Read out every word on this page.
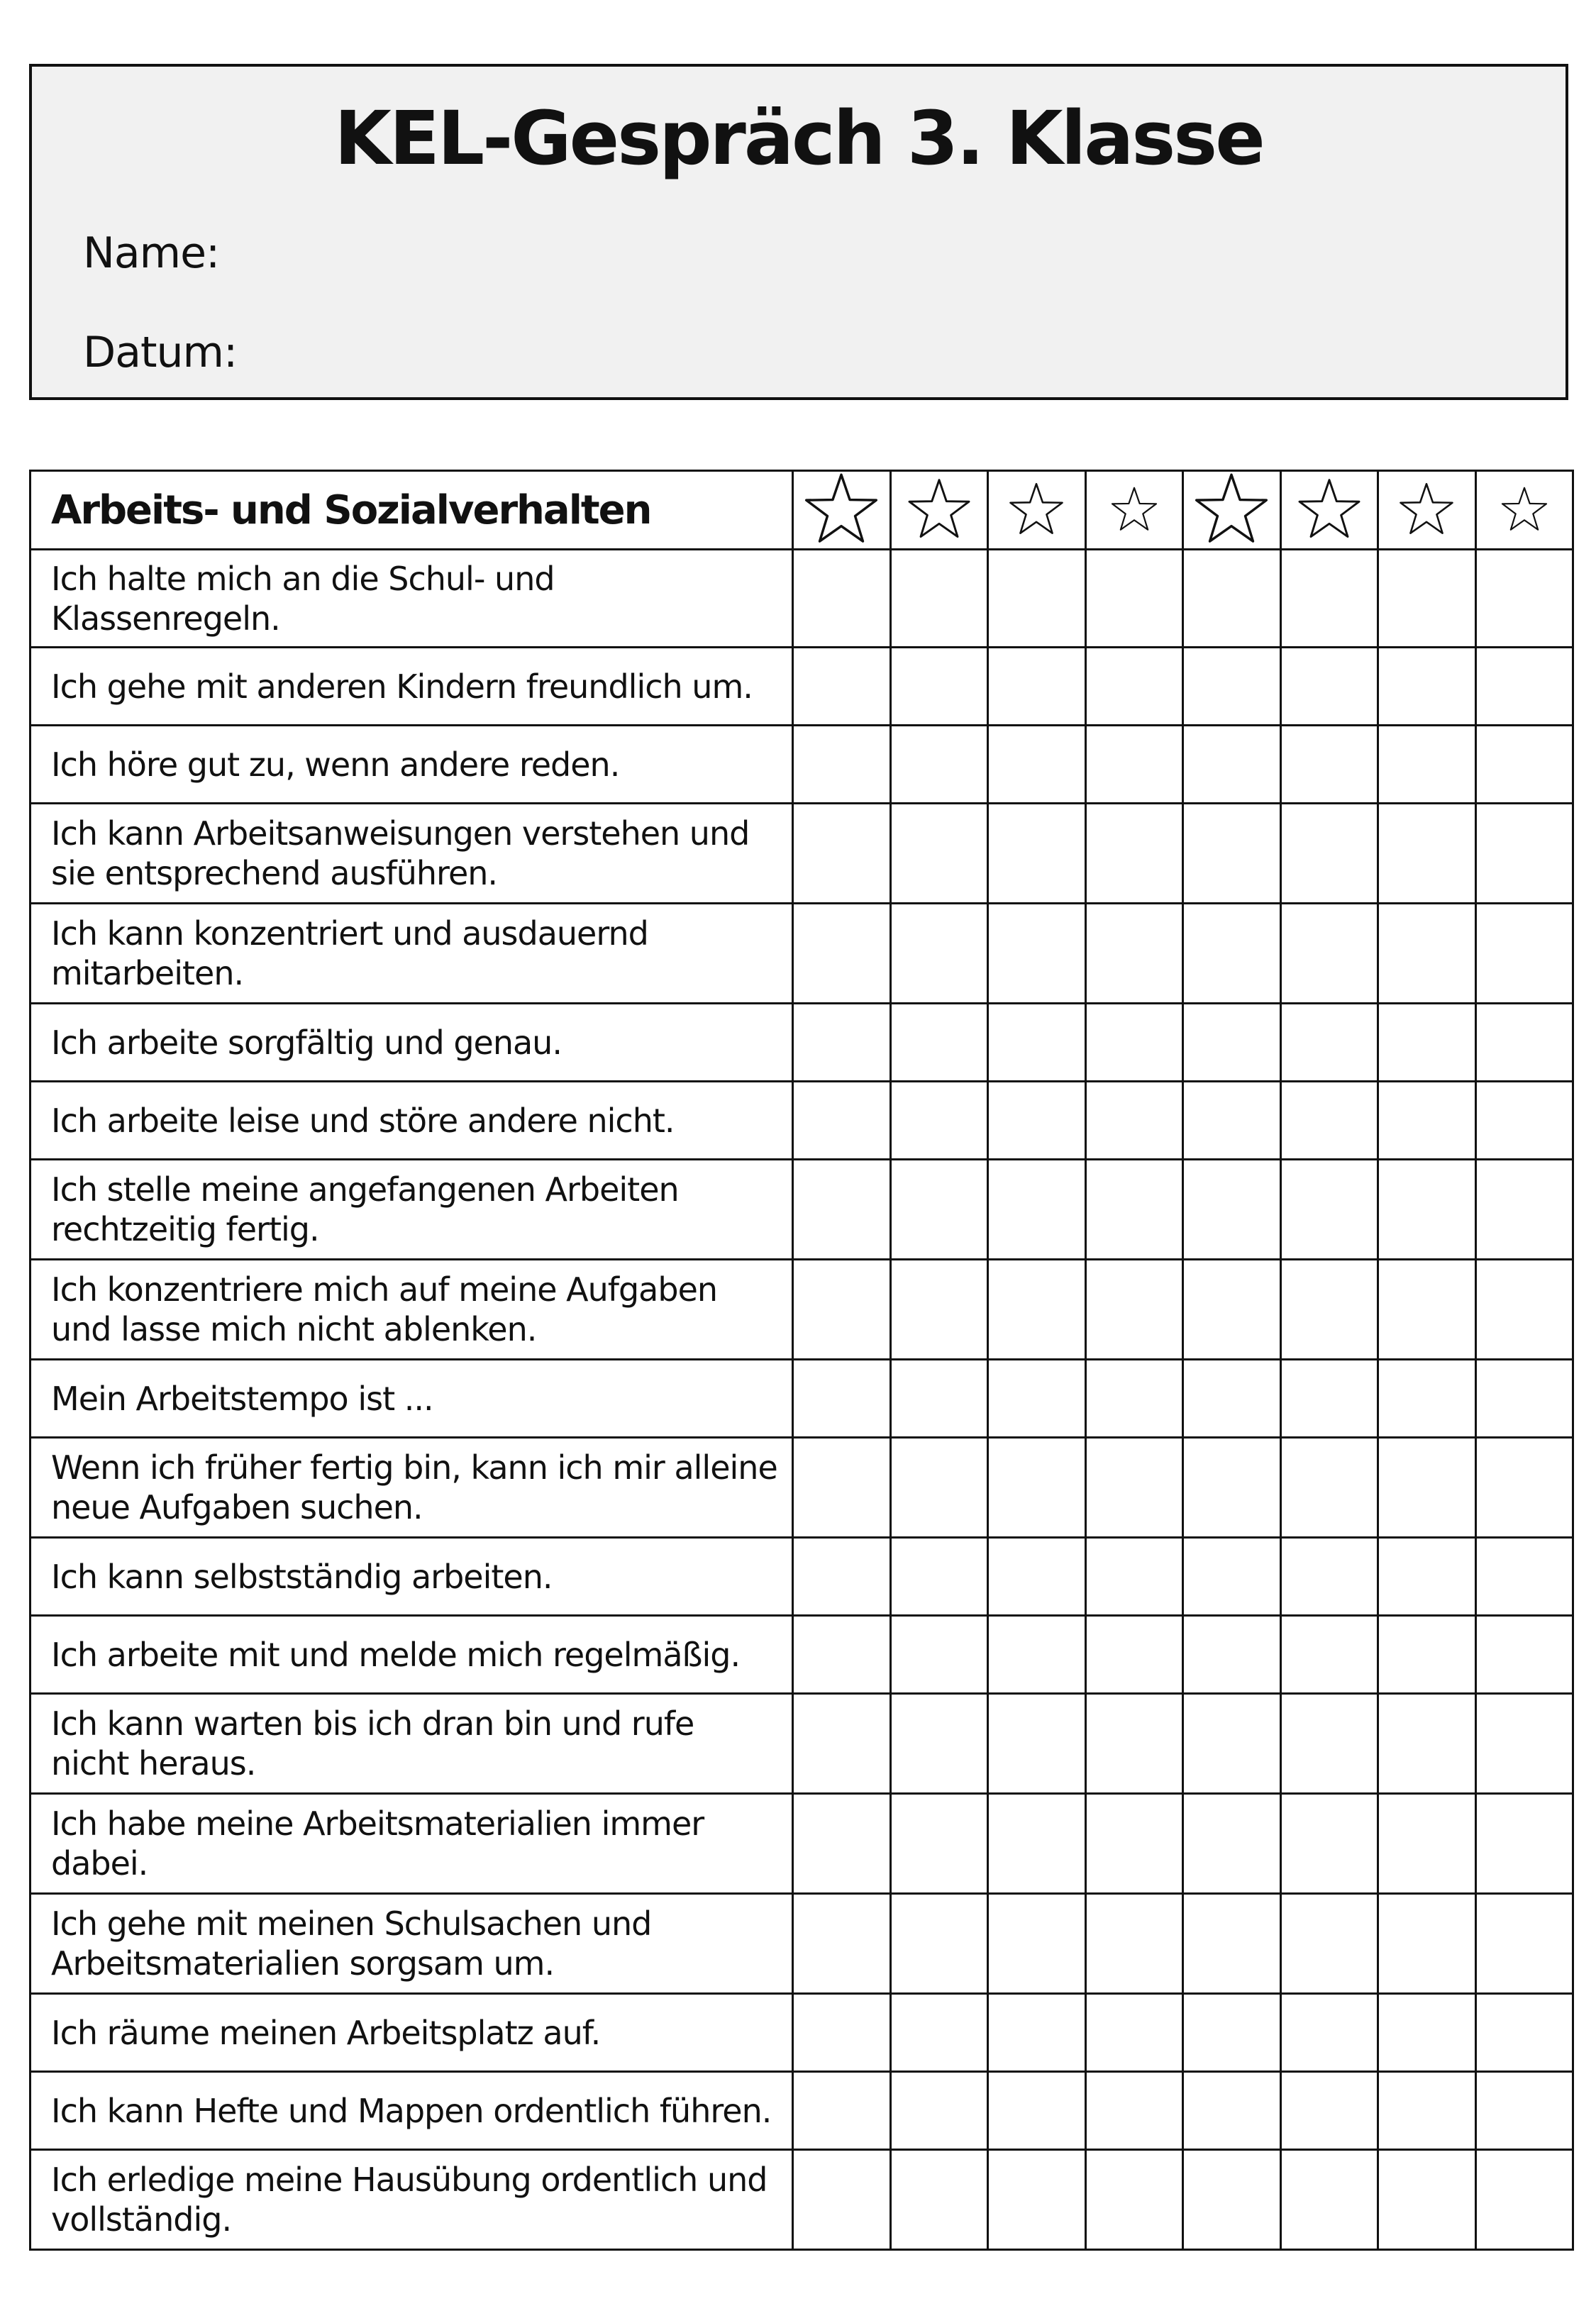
KEL-Gespräch 3. Klasse
Name:
Datum:
Arbeits- und Sozialverhalten								
Ich halte mich an die Schul- und Klassenregeln.								
Ich gehe mit anderen Kindern freundlich um.								
Ich höre gut zu, wenn andere reden.								
Ich kann Arbeitsanweisungen verstehen und sie entsprechend ausführen.								
Ich kann konzentriert und ausdauernd mitarbeiten.								
Ich arbeite sorgfältig und genau.								
Ich arbeite leise und störe andere nicht.								
Ich stelle meine angefangenen Arbeiten rechtzeitig fertig.								
Ich konzentriere mich auf meine Aufgaben und lasse mich nicht ablenken.								
Mein Arbeitstempo ist ...								
Wenn ich früher fertig bin, kann ich mir alleine neue Aufgaben suchen.								
Ich kann selbstständig arbeiten.								
Ich arbeite mit und melde mich regelmäßig.								
Ich kann warten bis ich dran bin und rufe nicht heraus.								
Ich habe meine Arbeitsmaterialien immer dabei.								
Ich gehe mit meinen Schulsachen und Arbeitsmaterialien sorgsam um.								
Ich räume meinen Arbeitsplatz auf.								
Ich kann Hefte und Mappen ordentlich führen.								
Ich erledige meine Hausübung ordentlich und vollständig.								
